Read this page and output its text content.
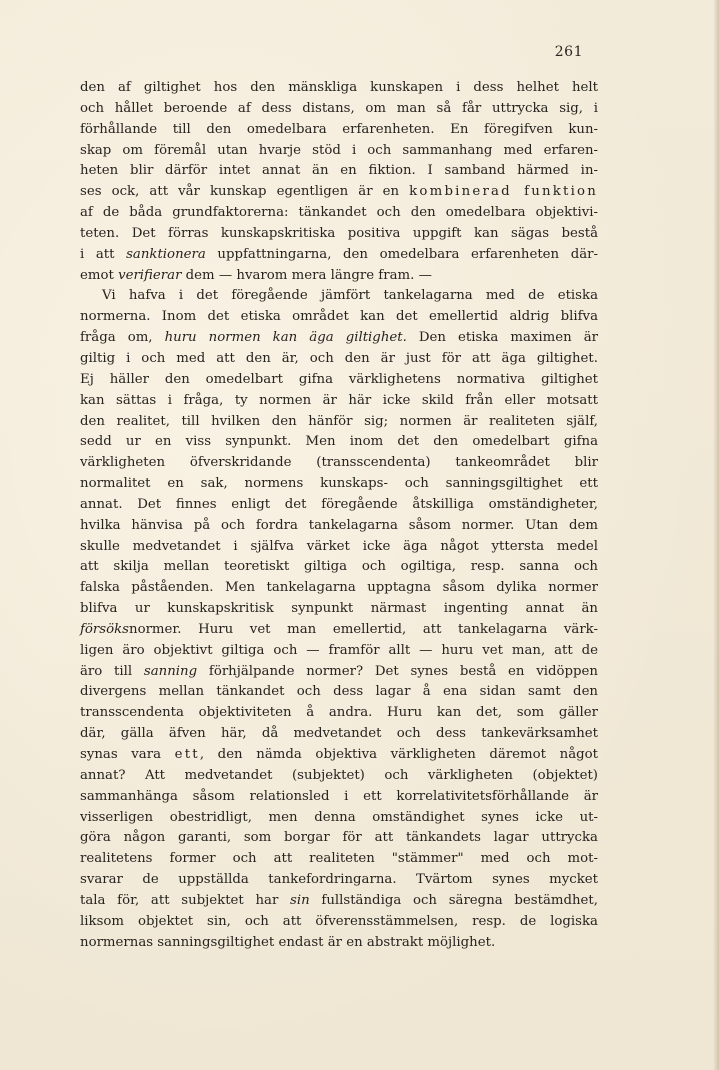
261
den af giltighet hos den mänskliga kunskapen i dess helhet helt
och hållet beroende af dess distans, om man så får uttrycka sig, i
förhållande till den omedelbara erfarenheten. En föregifven kun-
skap om föremål utan hvarje stöd i och sammanhang med erfaren-
heten blir därför intet annat än en fiktion. I samband härmed in-
ses ock, att vår kunskap egentligen är en kombinerad funktion
af de båda grundfaktorerna: tänkandet och den omedelbara objektivi-
teten. Det förras kunskapskritiska positiva uppgift kan sägas bestå
i att sanktionera uppfattningarna, den omedelbara erfarenheten där-
emot verifierar dem — hvarom mera längre fram. —
Vi hafva i det föregående jämfört tankelagarna med de etiska
normerna. Inom det etiska området kan det emellertid aldrig blifva
fråga om, huru normen kan äga giltighet. Den etiska maximen är
giltig i och med att den är, och den är just för att äga giltighet.
Ej häller den omedelbart gifna värklighetens normativa giltighet
kan sättas i fråga, ty normen är här icke skild från eller motsatt
den realitet, till hvilken den hänför sig; normen är realiteten själf,
sedd ur en viss synpunkt. Men inom det den omedelbart gifna
värkligheten öfverskridande (transscendenta) tankeområdet blir
normalitet en sak, normens kunskaps- och sanningsgiltighet ett
annat. Det finnes enligt det föregående åtskilliga omständigheter,
hvilka hänvisa på och fordra tankelagarna såsom normer. Utan dem
skulle medvetandet i själfva värket icke äga något yttersta medel
att skilja mellan teoretiskt giltiga och ogiltiga, resp. sanna och
falska påståenden. Men tankelagarna upptagna såsom dylika normer
blifva ur kunskapskritisk synpunkt närmast ingenting annat än
försöksnormer. Huru vet man emellertid, att tankelagarna värk-
ligen äro objektivt giltiga och — framför allt — huru vet man, att de
äro till sanning förhjälpande normer? Det synes bestå en vidöppen
divergens mellan tänkandet och dess lagar å ena sidan samt den
transscendenta objektiviteten å andra. Huru kan det, som gäller
där, gälla äfven här, då medvetandet och dess tankevärksamhet
synas vara ett, den nämda objektiva värkligheten däremot något
annat? Att medvetandet (subjektet) och värkligheten (objektet)
sammanhänga såsom relationsled i ett korrelativitetsförhållande är
visserligen obestridligt, men denna omständighet synes icke ut-
göra någon garanti, som borgar för att tänkandets lagar uttrycka
realitetens former och att realiteten "stämmer" med och mot-
svarar de uppställda tankefordringarna. Tvärtom synes mycket
tala för, att subjektet har sin fullständiga och säregna bestämdhet,
liksom objektet sin, och att öfverensstämmelsen, resp. de logiska
normernas sanningsgiltighet endast är en abstrakt möjlighet.
